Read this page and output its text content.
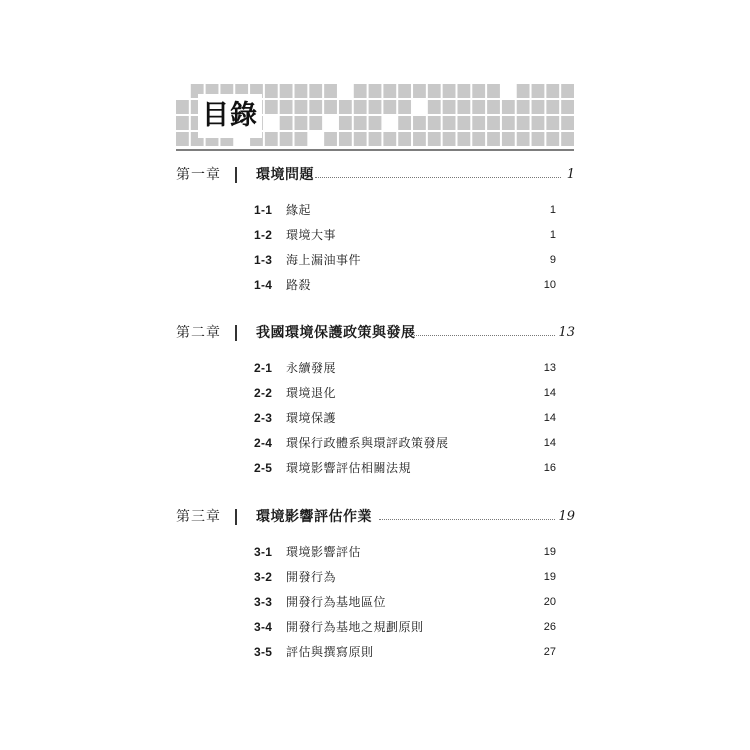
目錄
第一章	環境問題	1
1-1 緣起	1
1-2 環境大事	1
1-3 海上漏油事件	9
1-4 路殺	10
第二章	我國環境保護政策與發展	13
2-1 永續發展	13
2-2 環境退化	14
2-3 環境保護	14
2-4 環保行政體系與環評政策發展	14
2-5 環境影響評估相關法規	16
第三章	環境影響評估作業	19
3-1 環境影響評估	19
3-2 開發行為	19
3-3 開發行為基地區位	20
3-4 開發行為基地之規劃原則	26
3-5 評估與撰寫原則	27
